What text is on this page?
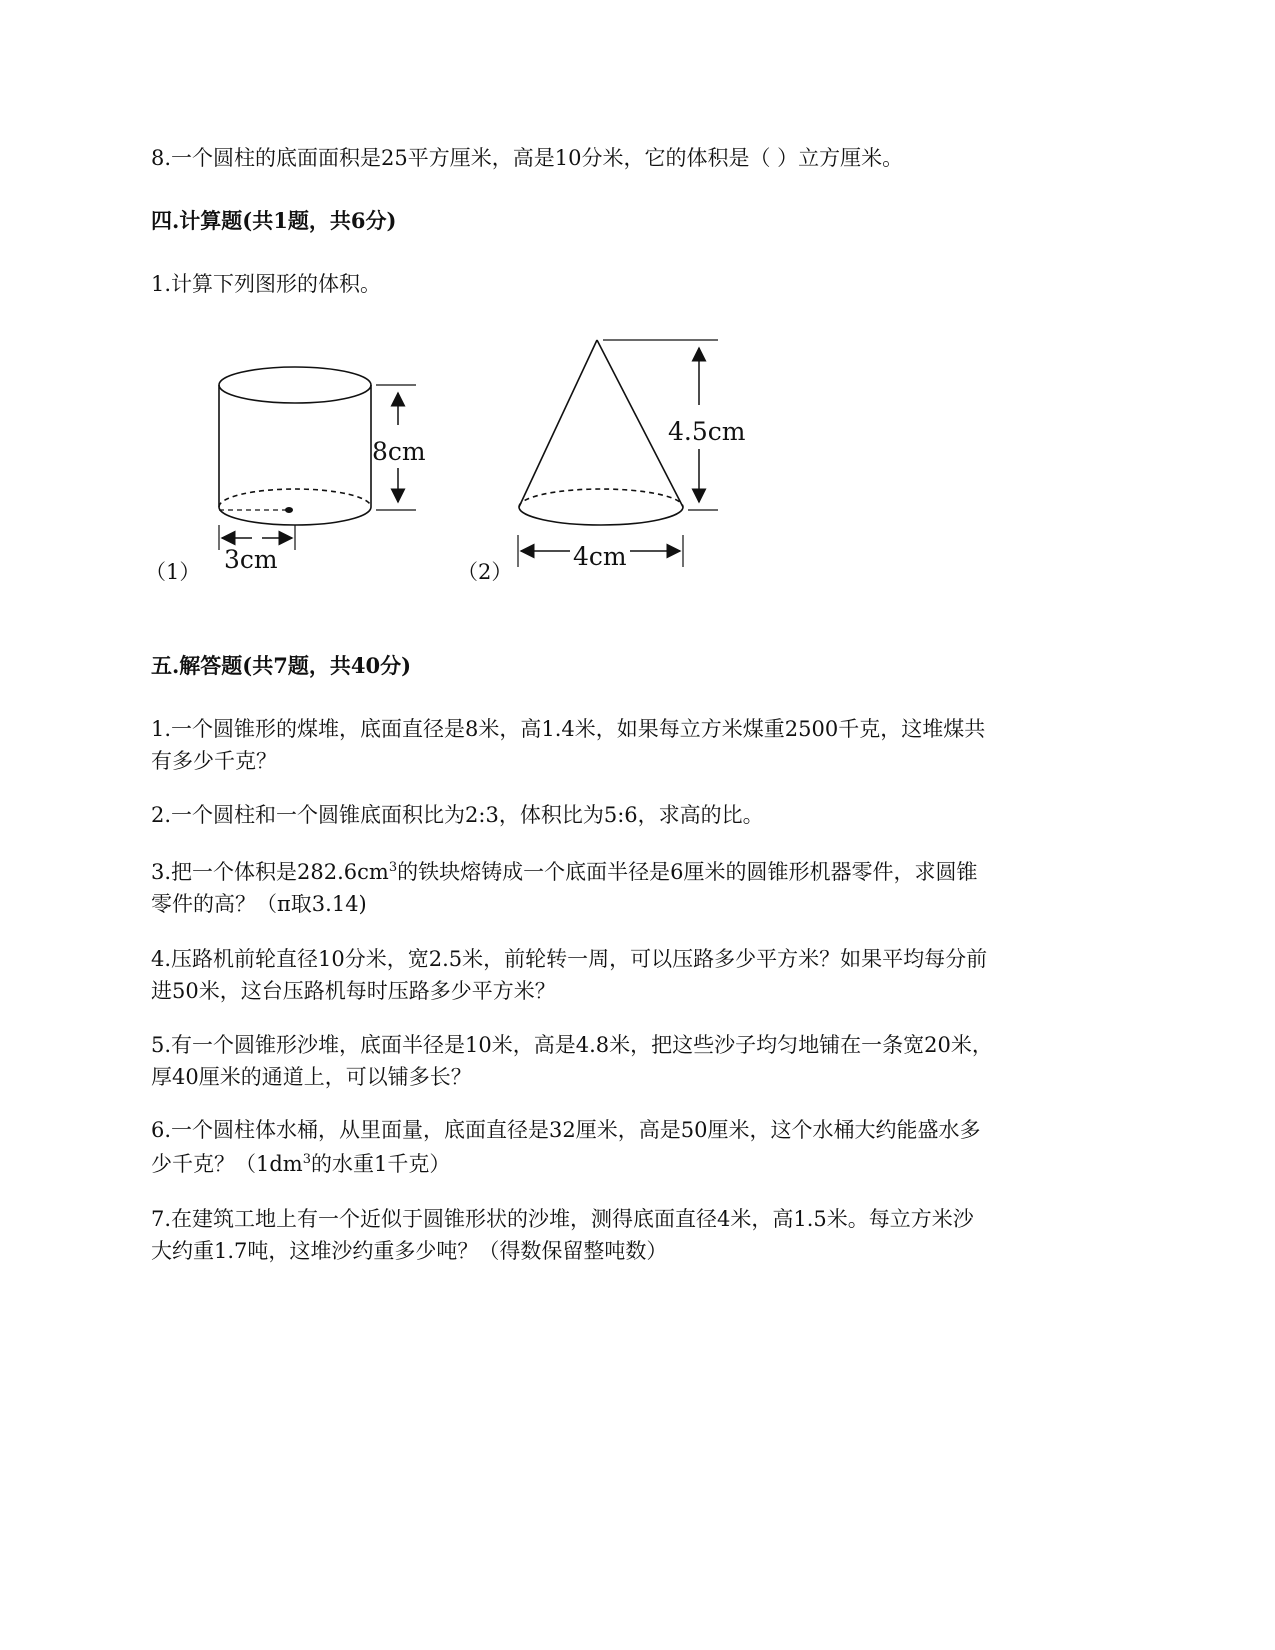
8.一个圆柱的底面面积是25平方厘米，高是10分米，它的体积是（ ）立方厘米。
四.计算题(共1题，共6分)
1.计算下列图形的体积。
8cm
3cm
4.5cm
4cm
（1）	（2）
五.解答题(共7题，共40分)
1.一个圆锥形的煤堆，底面直径是8米，高1.4米，如果每立方米煤重2500千克，这堆煤共
有多少千克？
2.一个圆柱和一个圆锥底面积比为2:3，体积比为5:6，求高的比。
3.把一个体积是$282.6cm^3$的铁块熔铸成一个底面半径是6厘米的圆锥形机器零件，求圆锥
零件的高？（π取3.14)
4.压路机前轮直径10分米，宽2.5米，前轮转一周，可以压路多少平方米？如果平均每分前
进50米，这台压路机每时压路多少平方米？
5.有一个圆锥形沙堆，底面半径是10米，高是4.8米，把这些沙子均匀地铺在一条宽20米，
厚40厘米的通道上，可以铺多长？
6.一个圆柱体水桶，从里面量，底面直径是32厘米，高是50厘米，这个水桶大约能盛水多
少千克？（$1dm^3$的水重1千克）
7.在建筑工地上有一个近似于圆锥形状的沙堆，测得底面直径4米，高1.5米。每立方米沙
大约重1.7吨，这堆沙约重多少吨？（得数保留整吨数）
